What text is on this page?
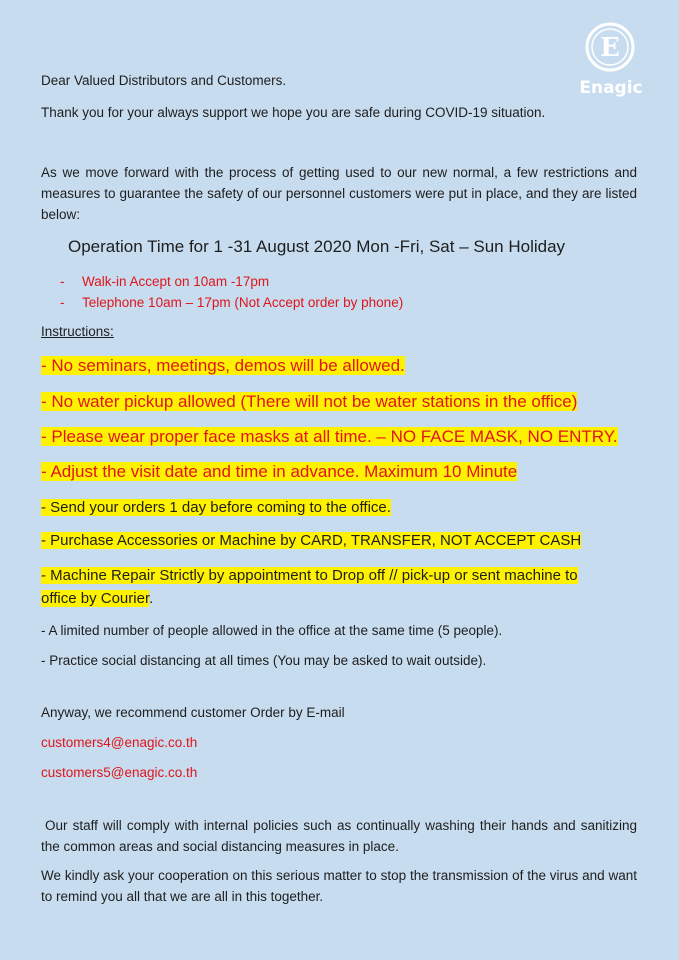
E
Enagic

Dear Valued Distributors and Customers.

Thank you for your always support we hope you are safe during COVID-19 situation.

As we move forward with the process of getting used to our new normal, a few restrictions and measures to guarantee the safety of our personnel customers were put in place, and they are listed below:

Operation Time for 1 -31 August 2020 Mon -Fri, Sat – Sun Holiday

- Walk-in Accept on 10am -17pm
- Telephone 10am – 17pm (Not Accept order by phone)

Instructions:

- No seminars, meetings, demos will be allowed.

- No water pickup allowed (There will not be water stations in the office)

- Please wear proper face masks at all time. – NO FACE MASK, NO ENTRY.

- Adjust the visit date and time in advance. Maximum 10 Minute

- Send your orders 1 day before coming to the office.

- Purchase Accessories or Machine by CARD, TRANSFER, NOT ACCEPT CASH

- Machine Repair Strictly by appointment to Drop off // pick-up or sent machine to
office by Courier.

- A limited number of people allowed in the office at the same time (5 people).

- Practice social distancing at all times (You may be asked to wait outside).

Anyway, we recommend customer Order by E-mail

customers4@enagic.co.th

customers5@enagic.co.th

Our staff will comply with internal policies such as continually washing their hands and sanitizing the common areas and social distancing measures in place.

We kindly ask your cooperation on this serious matter to stop the transmission of the virus and want to remind you all that we are all in this together.
